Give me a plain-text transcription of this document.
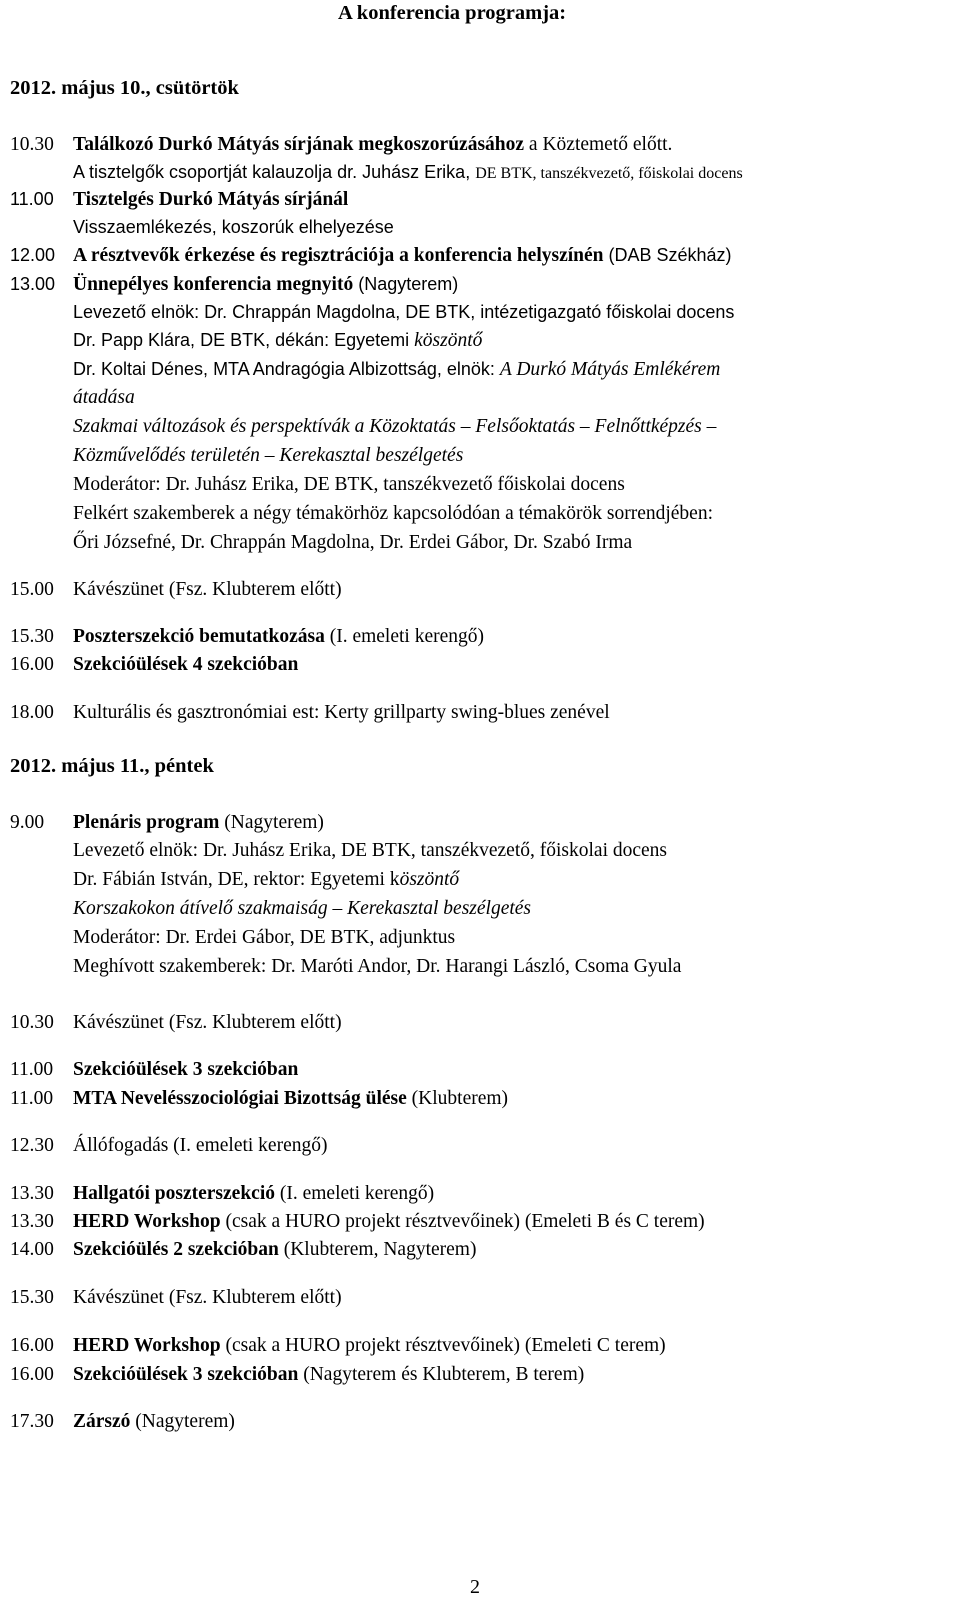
A konferencia programja:
2012. május 10., csütörtök
10.30 Találkozó Durkó Mátyás sírjának megkoszorúzásához a Köztemető előtt.
A tisztelgők csoportját kalauzolja dr. Juhász Erika, DE BTK, tanszékvezető, főiskolai docens
11.00 Tisztelgés Durkó Mátyás sírjánál
Visszaemlékezés, koszorúk elhelyezése
12.00 A résztvevők érkezése és regisztrációja a konferencia helyszínén (DAB Székház)
13.00 Ünnepélyes konferencia megnyitó (Nagyterem)
Levezető elnök: Dr. Chrappán Magdolna, DE BTK, intézetigazgató főiskolai docens
Dr. Papp Klára, DE BTK, dékán: Egyetemi köszöntő
Dr. Koltai Dénes, MTA Andragógia Albizottság, elnök: A Durkó Mátyás Emlékérem
átadása
Szakmai változások és perspektívák a Közoktatás – Felsőoktatás – Felnőttképzés –
Közművelődés területén – Kerekasztal beszélgetés
Moderátor: Dr. Juhász Erika, DE BTK, tanszékvezető főiskolai docens
Felkért szakemberek a négy témakörhöz kapcsolódóan a témakörök sorrendjében:
Őri Józsefné, Dr. Chrappán Magdolna, Dr. Erdei Gábor, Dr. Szabó Irma
15.00 Kávészünet (Fsz. Klubterem előtt)
15.30 Poszterszekció bemutatkozása (I. emeleti kerengő)
16.00 Szekcióülések 4 szekcióban
18.00 Kulturális és gasztronómiai est: Kerty grillparty swing-blues zenével
2012. május 11., péntek
9.00 Plenáris program (Nagyterem)
Levezető elnök: Dr. Juhász Erika, DE BTK, tanszékvezető, főiskolai docens
Dr. Fábián István, DE, rektor: Egyetemi köszöntő
Korszakokon átívelő szakmaiság – Kerekasztal beszélgetés
Moderátor: Dr. Erdei Gábor, DE BTK, adjunktus
Meghívott szakemberek: Dr. Maróti Andor, Dr. Harangi László, Csoma Gyula
10.30 Kávészünet (Fsz. Klubterem előtt)
11.00 Szekcióülések 3 szekcióban
11.00 MTA Nevelésszociológiai Bizottság ülése (Klubterem)
12.30 Állófogadás (I. emeleti kerengő)
13.30 Hallgatói poszterszekció (I. emeleti kerengő)
13.30 HERD Workshop (csak a HURO projekt résztvevőinek) (Emeleti B és C terem)
14.00 Szekcióülés 2 szekcióban (Klubterem, Nagyterem)
15.30 Kávészünet (Fsz. Klubterem előtt)
16.00 HERD Workshop (csak a HURO projekt résztvevőinek) (Emeleti C terem)
16.00 Szekcióülések 3 szekcióban (Nagyterem és Klubterem, B terem)
17.30 Zárszó (Nagyterem)
2
